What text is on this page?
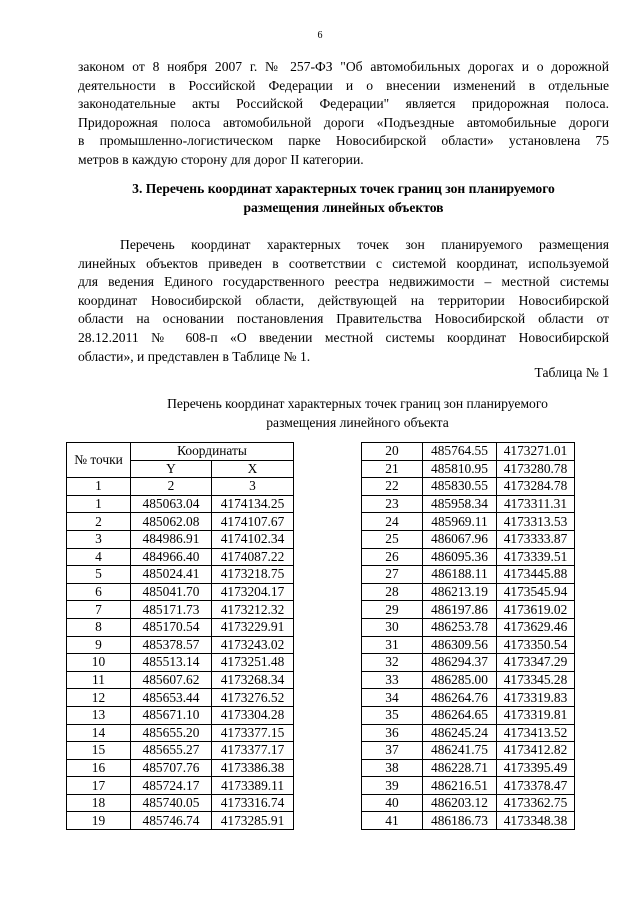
6
законом от 8 ноября 2007 г. № 257-ФЗ "Об автомобильных дорогах и о дорожной
деятельности в Российской Федерации и о внесении изменений в отдельные
законодательные акты Российской Федерации" является придорожная полоса.
Придорожная полоса автомобильной дороги «Подъездные автомобильные дороги
в промышленно-логистическом парке Новосибирской области» установлена 75
метров в каждую сторону для дорог II категории.
3. Перечень координат характерных точек границ зон планируемого
размещения линейных объектов
Перечень координат характерных точек зон планируемого размещения
линейных объектов приведен в соответствии с системой координат, используемой
для ведения Единого государственного реестра недвижимости – местной системы
координат Новосибирской области, действующей на территории Новосибирской
области на основании постановления Правительства Новосибирской области от
28.12.2011 № 608-п «О введении местной системы координат Новосибирской
области», и представлен в Таблице № 1.
Таблица № 1
Перечень координат характерных точек границ зон планируемого
размещения линейного объекта
№ точки	Координаты	
	Y	X
1	2	3
1	485063.04	4174134.25
2	485062.08	4174107.67
3	484986.91	4174102.34
4	484966.40	4174087.22
5	485024.41	4173218.75
6	485041.70	4173204.17
7	485171.73	4173212.32
8	485170.54	4173229.91
9	485378.57	4173243.02
10	485513.14	4173251.48
11	485607.62	4173268.34
12	485653.44	4173276.52
13	485671.10	4173304.28
14	485655.20	4173377.15
15	485655.27	4173377.17
16	485707.76	4173386.38
17	485724.17	4173389.11
18	485740.05	4173316.74
19	485746.74	4173285.91
20	485764.55	4173271.01
21	485810.95	4173280.78
22	485830.55	4173284.78
23	485958.34	4173311.31
24	485969.11	4173313.53
25	486067.96	4173333.87
26	486095.36	4173339.51
27	486188.11	4173445.88
28	486213.19	4173545.94
29	486197.86	4173619.02
30	486253.78	4173629.46
31	486309.56	4173350.54
32	486294.37	4173347.29
33	486285.00	4173345.28
34	486264.76	4173319.83
35	486264.65	4173319.81
36	486245.24	4173413.52
37	486241.75	4173412.82
38	486228.71	4173395.49
39	486216.51	4173378.47
40	486203.12	4173362.75
41	486186.73	4173348.38
